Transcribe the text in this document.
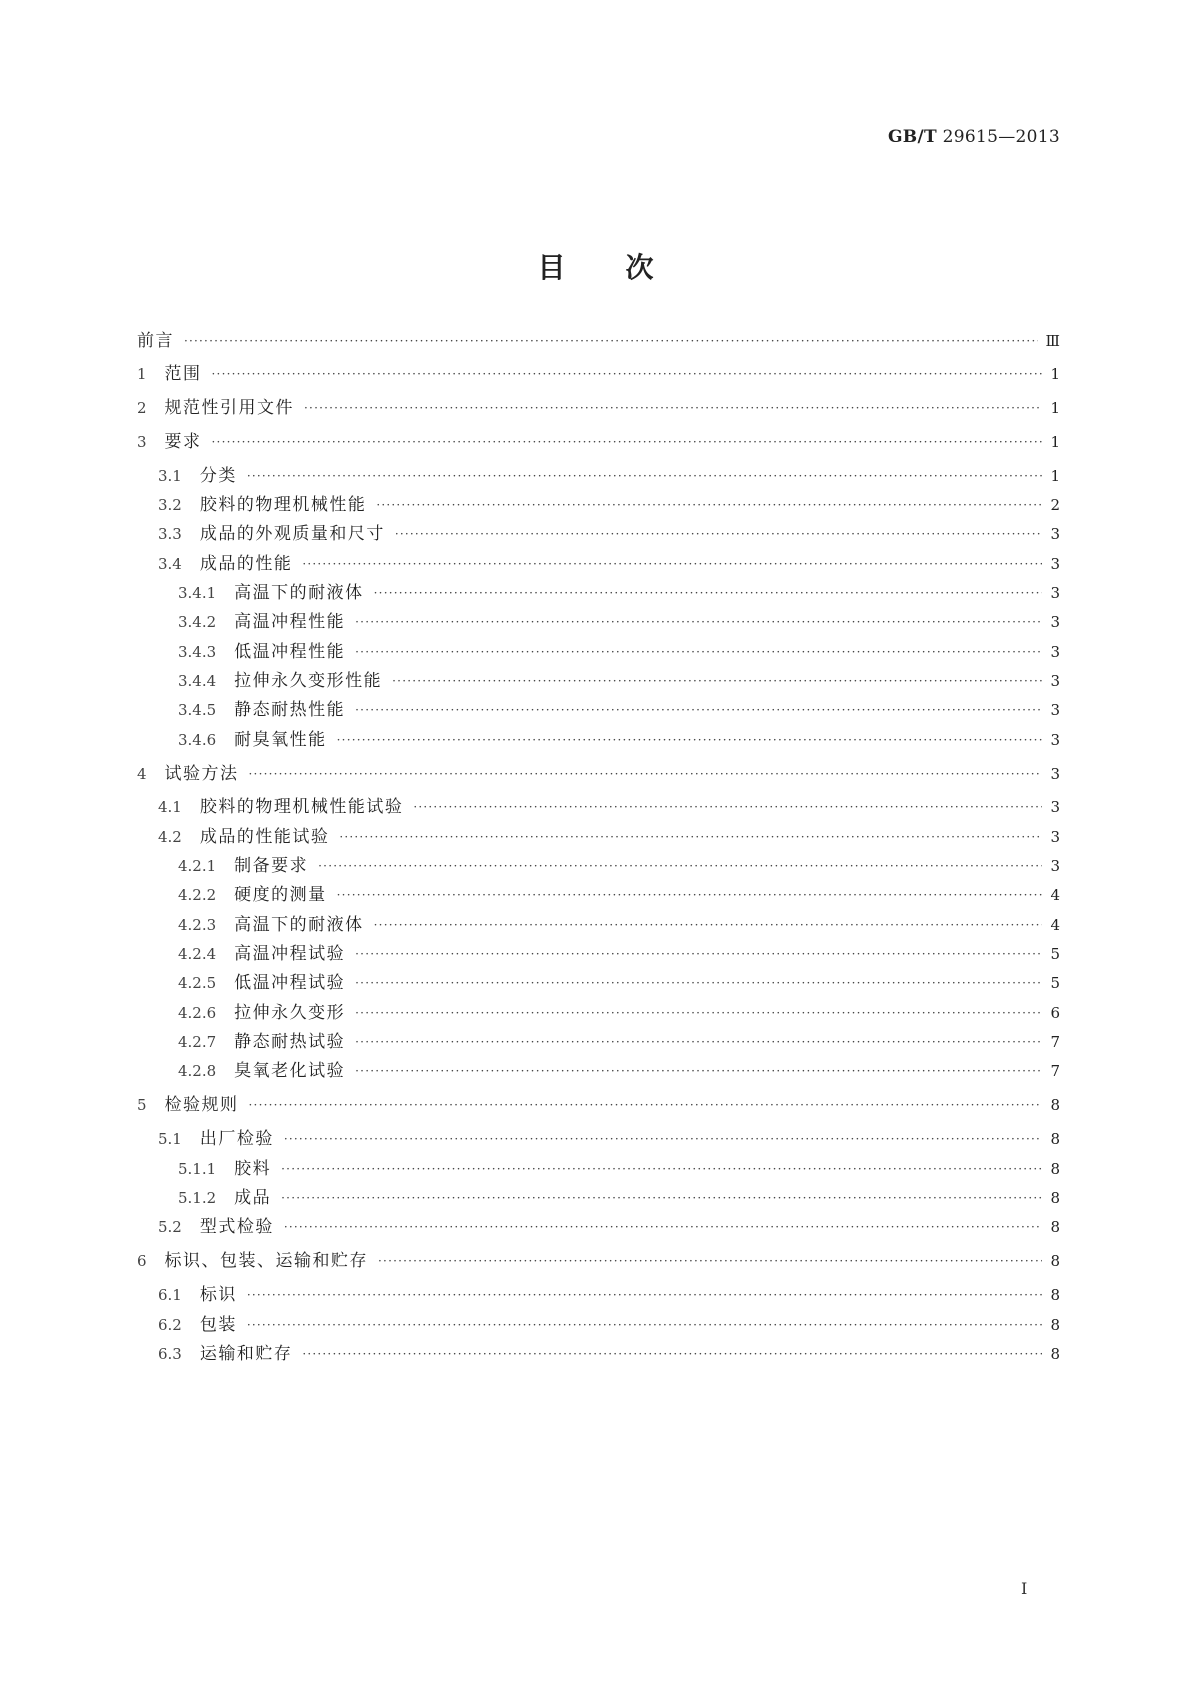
GB/T 29615—2013
目次
前言 ·····	Ⅲ
1 范围 ·····	1
2 规范性引用文件 ·····	1
3 要求 ·····	1
3.1 分类 ·····	1
3.2 胶料的物理机械性能 ·····	2
3.3 成品的外观质量和尺寸 ·····	3
3.4 成品的性能 ·····	3
3.4.1 高温下的耐液体 ·····	3
3.4.2 高温冲程性能 ·····	3
3.4.3 低温冲程性能 ·····	3
3.4.4 拉伸永久变形性能 ·····	3
3.4.5 静态耐热性能 ·····	3
3.4.6 耐臭氧性能 ·····	3
4 试验方法 ·····	3
4.1 胶料的物理机械性能试验 ·····	3
4.2 成品的性能试验 ·····	3
4.2.1 制备要求 ·····	3
4.2.2 硬度的测量 ·····	4
4.2.3 高温下的耐液体 ·····	4
4.2.4 高温冲程试验 ·····	5
4.2.5 低温冲程试验 ·····	5
4.2.6 拉伸永久变形 ·····	6
4.2.7 静态耐热试验 ·····	7
4.2.8 臭氧老化试验 ·····	7
5 检验规则 ·····	8
5.1 出厂检验 ·····	8
5.1.1 胶料 ·····	8
5.1.2 成品 ·····	8
5.2 型式检验 ·····	8
6 标识、包装、运输和贮存 ·····	8
6.1 标识 ·····	8
6.2 包装 ·····	8
6.3 运输和贮存 ·····	8
I
